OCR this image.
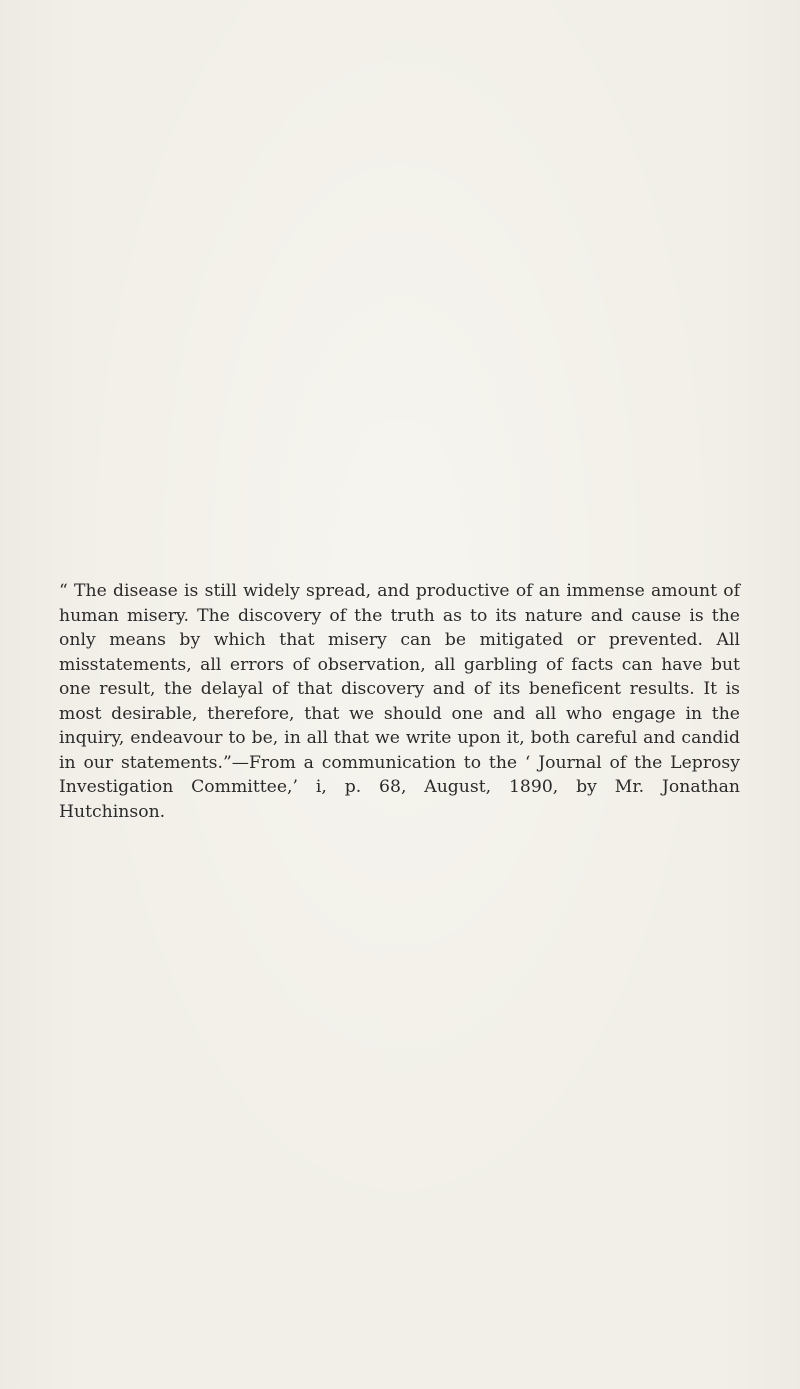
“ The disease is still widely spread, and productive of an immense amount of human misery. The discovery of the truth as to its nature and cause is the only means by which that misery can be mitigated or prevented. All misstatements, all errors of observation, all garbling of facts can have but one result, the delayal of that discovery and of its beneficent results. It is most desirable, therefore, that we should one and all who engage in the inquiry, endeavour to be, in all that we write upon it, both careful and candid in our statements.”—From a communication to the ‘ Journal of the Leprosy Investigation Committee,’ i, p. 68, August, 1890, by Mr. Jonathan Hutchinson.
